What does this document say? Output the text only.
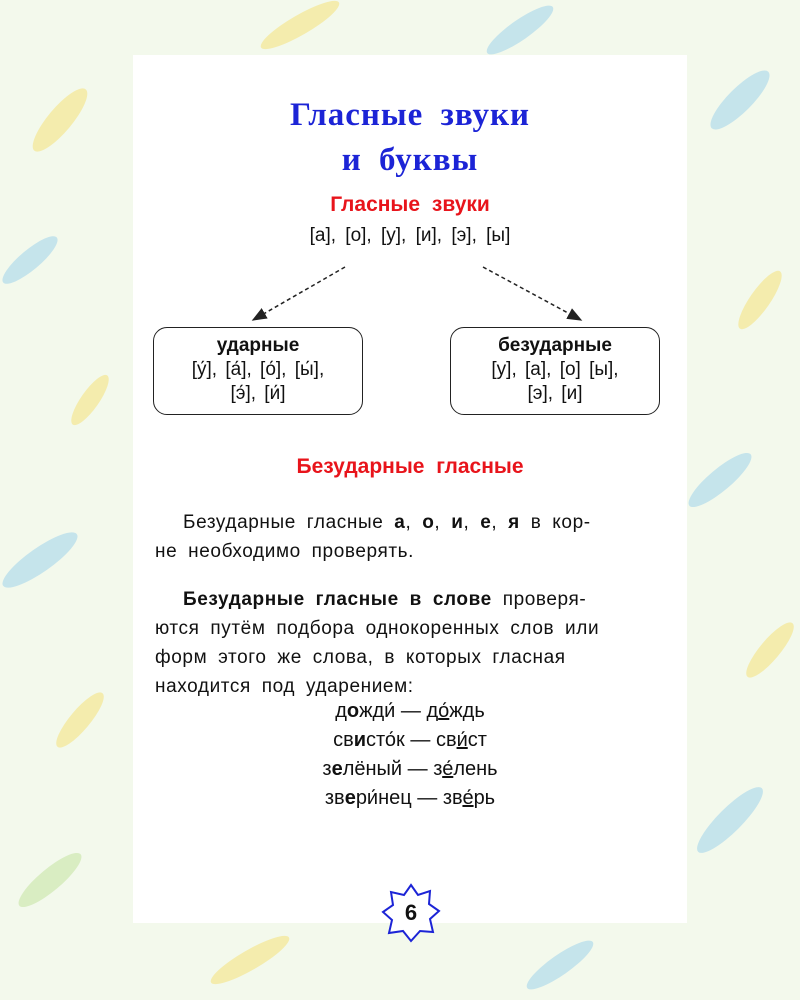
Гласные звуки
и буквы
Гласные звуки
[а], [о], [у], [и], [э], [ы]
ударные
[у́], [а́], [о́], [ы́],
[э́], [и́]
безударные
[у], [а], [о] [ы],
[э], [и]
Безударные гласные
Безударные гласные а, о, и, е, я в кор-
не необходимо проверять.
Безударные гласные в слове проверя-
ются путём подбора однокоренных слов или
форм этого же слова, в которых гласная
находится под ударением:
дожди́ — до́ждь
свисто́к — сви́ст
зелёный — зе́лень
звери́нец — зве́рь
6
